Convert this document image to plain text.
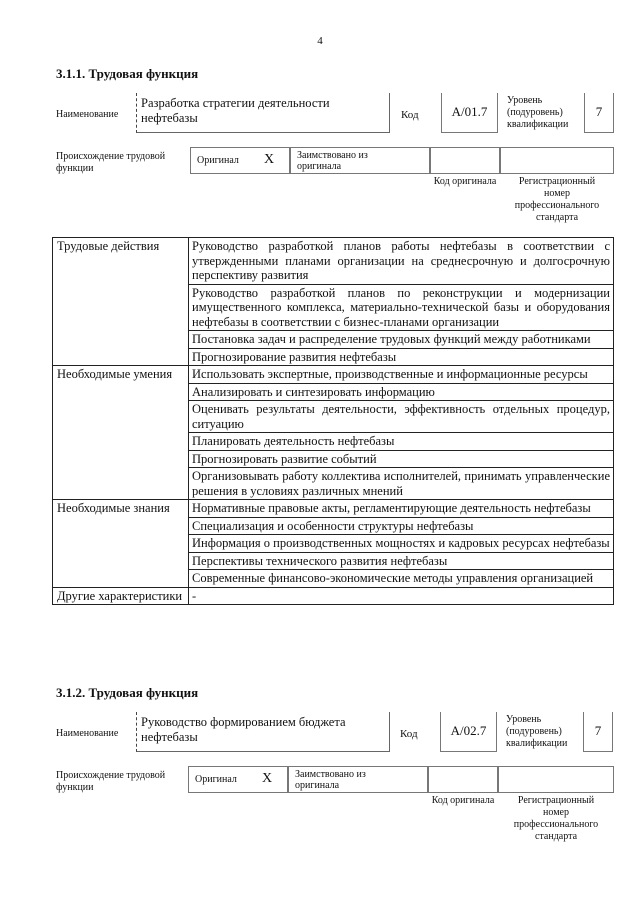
4
3.1.1. Трудовая функция
Наименование
Разработка стратегии деятельности нефтебазы	Код	А/01.7
Уровень (подуровень) квалификации
7
Происхождение трудовой функции
Оригинал Х Заимствовано из оригинала
Код оригинала	Регистрационный номер профессионального стандарта
Трудовые действия	Руководство разработкой планов работы нефтебазы в соответствии с утвержденными планами организации на среднесрочную и долгосрочную перспективу развития
	Руководство разработкой планов по реконструкции и модернизации имущественного комплекса, материально-технической базы и оборудования нефтебазы в соответствии с бизнес-планами организации
	Постановка задач и распределение трудовых функций между работниками
	Прогнозирование развития нефтебазы
Необходимые умения	Использовать экспертные, производственные и информационные ресурсы
	Анализировать и синтезировать информацию
	Оценивать результаты деятельности, эффективность отдельных процедур, ситуацию
	Планировать деятельность нефтебазы
	Прогнозировать развитие событий
	Организовывать работу коллектива исполнителей, принимать управленческие решения в условиях различных мнений
Необходимые знания	Нормативные правовые акты, регламентирующие деятельность нефтебазы
	Специализация и особенности структуры нефтебазы
	Информация о производственных мощностях и кадровых ресурсах нефтебазы
	Перспективы технического развития нефтебазы
	Современные финансово-экономические методы управления организацией
Другие характеристики	-
3.1.2. Трудовая функция
Наименование
Руководство формированием бюджета нефтебазы	Код	А/02.7
Уровень (подуровень) квалификации
7
Происхождение трудовой функции
Оригинал Х Заимствовано из оригинала
Код оригинала	Регистрационный номер профессионального стандарта
